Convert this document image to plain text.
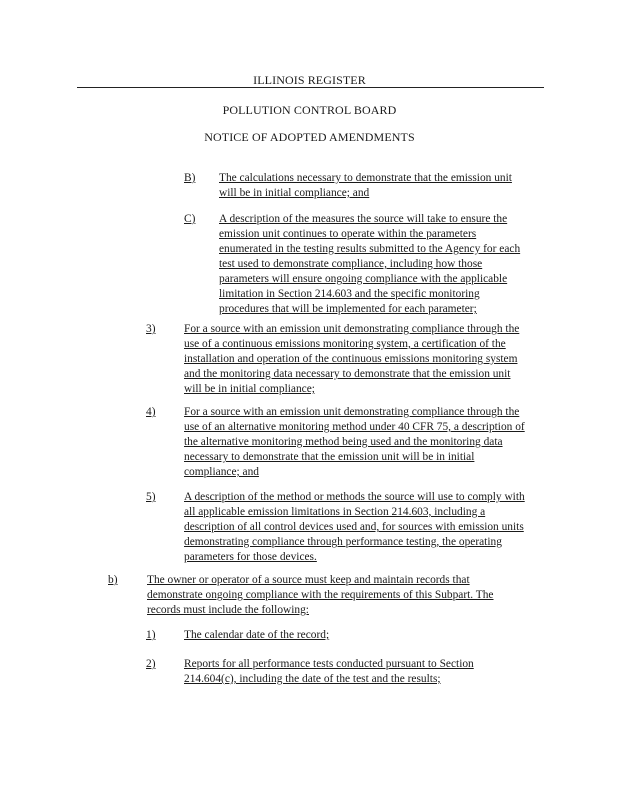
ILLINOIS REGISTER
POLLUTION CONTROL BOARD
NOTICE OF ADOPTED AMENDMENTS
B) The calculations necessary to demonstrate that the emission unit
will be in initial compliance; and
C) A description of the measures the source will take to ensure the
emission unit continues to operate within the parameters
enumerated in the testing results submitted to the Agency for each
test used to demonstrate compliance, including how those
parameters will ensure ongoing compliance with the applicable
limitation in Section 214.603 and the specific monitoring
procedures that will be implemented for each parameter;
3)	For a source with an emission unit demonstrating compliance through the
use of a continuous emissions monitoring system, a certification of the
installation and operation of the continuous emissions monitoring system
and the monitoring data necessary to demonstrate that the emission unit
will be in initial compliance;
4)	For a source with an emission unit demonstrating compliance through the
use of an alternative monitoring method under 40 CFR 75, a description of
the alternative monitoring method being used and the monitoring data
necessary to demonstrate that the emission unit will be in initial
compliance; and
5)	A description of the method or methods the source will use to comply with
all applicable emission limitations in Section 214.603, including a
description of all control devices used and, for sources with emission units
demonstrating compliance through performance testing, the operating
parameters for those devices.
b)	The owner or operator of a source must keep and maintain records that
demonstrate ongoing compliance with the requirements of this Subpart. The
records must include the following:
1)	The calendar date of the record;
2)	Reports for all performance tests conducted pursuant to Section
214.604(c), including the date of the test and the results;
